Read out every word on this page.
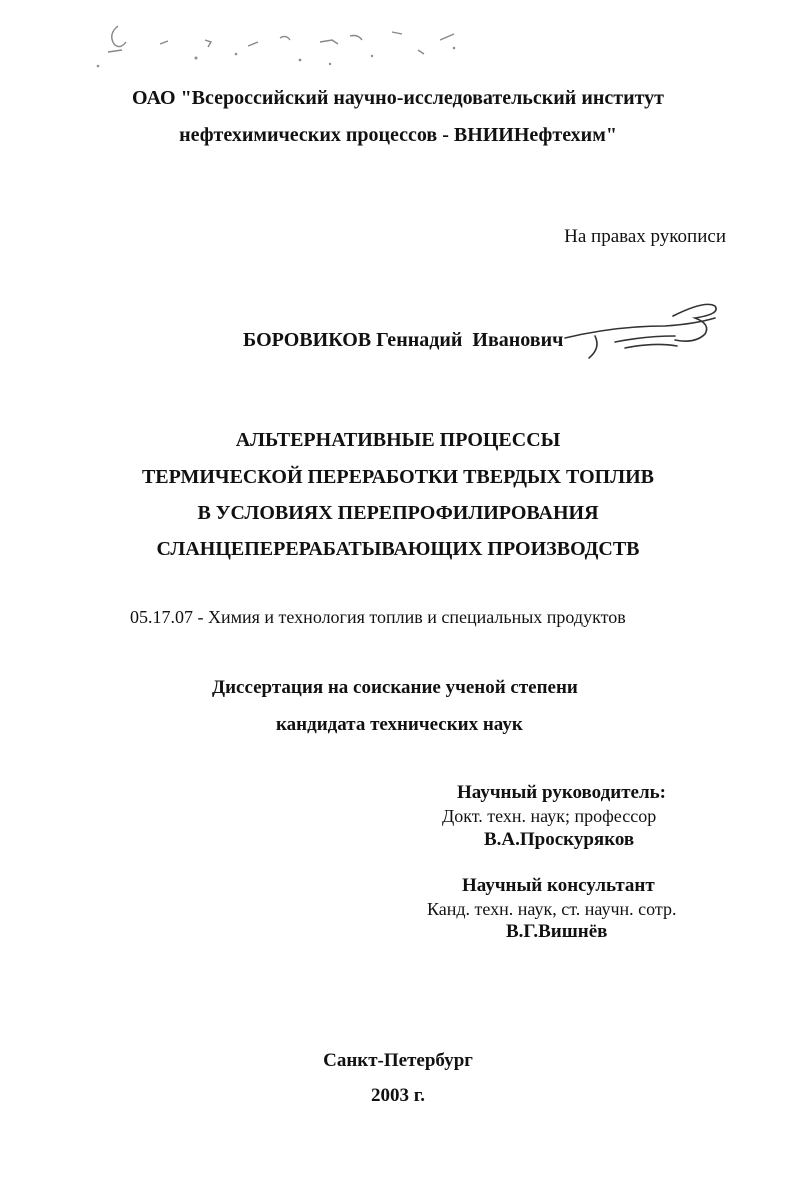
ОАО "Всероссийский научно-исследовательский институт
нефтехимических процессов - ВНИИНефтехим"
На правах рукописи
БОРОВИКОВ Геннадий  Иванович
АЛЬТЕРНАТИВНЫЕ ПРОЦЕССЫ
ТЕРМИЧЕСКОЙ ПЕРЕРАБОТКИ ТВЕРДЫХ ТОПЛИВ
В УСЛОВИЯХ ПЕРЕПРОФИЛИРОВАНИЯ
СЛАНЦЕПЕРЕРАБАТЫВАЮЩИХ ПРОИЗВОДСТВ
05.17.07 - Химия и технология топлив и специальных продуктов
Диссертация на соискание ученой степени
кандидата технических наук
Научный руководитель:
Докт. техн. наук; профессор
В.А.Проскуряков
Научный консультант
Канд. техн. наук, ст. научн. сотр.
В.Г.Вишнёв
Санкт-Петербург
2003 г.
